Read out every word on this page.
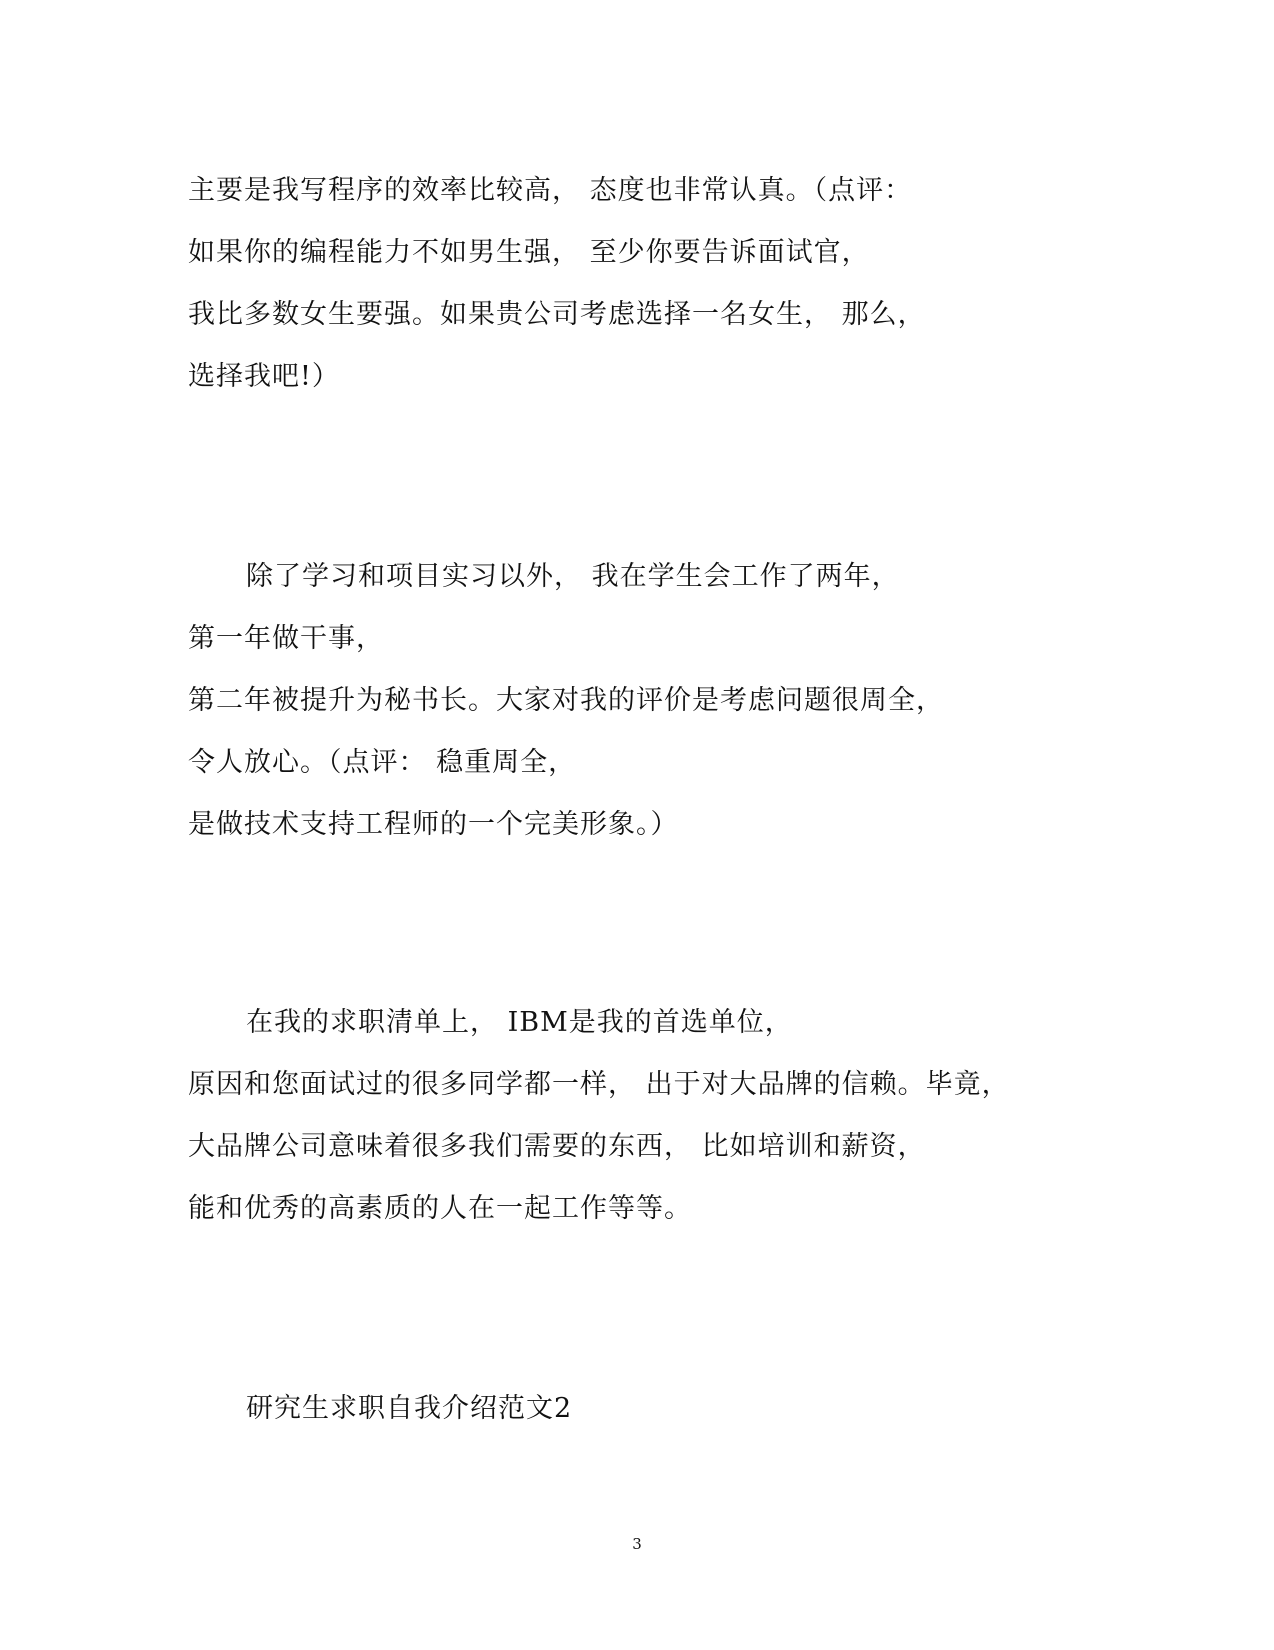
主要是我写程序的效率比较高， 态度也非常认真。（点评：
如果你的编程能力不如男生强， 至少你要告诉面试官，
我比多数女生要强。如果贵公司考虑选择一名女生， 那么，
选择我吧!）
除了学习和项目实习以外， 我在学生会工作了两年，
第一年做干事，
第二年被提升为秘书长。大家对我的评价是考虑问题很周全，
令人放心。（点评： 稳重周全，
是做技术支持工程师的一个完美形象。）
在我的求职清单上， IBM是我的首选单位，
原因和您面试过的很多同学都一样， 出于对大品牌的信赖。毕竟，
大品牌公司意味着很多我们需要的东西， 比如培训和薪资，
能和优秀的高素质的人在一起工作等等。
研究生求职自我介绍范文2
3
